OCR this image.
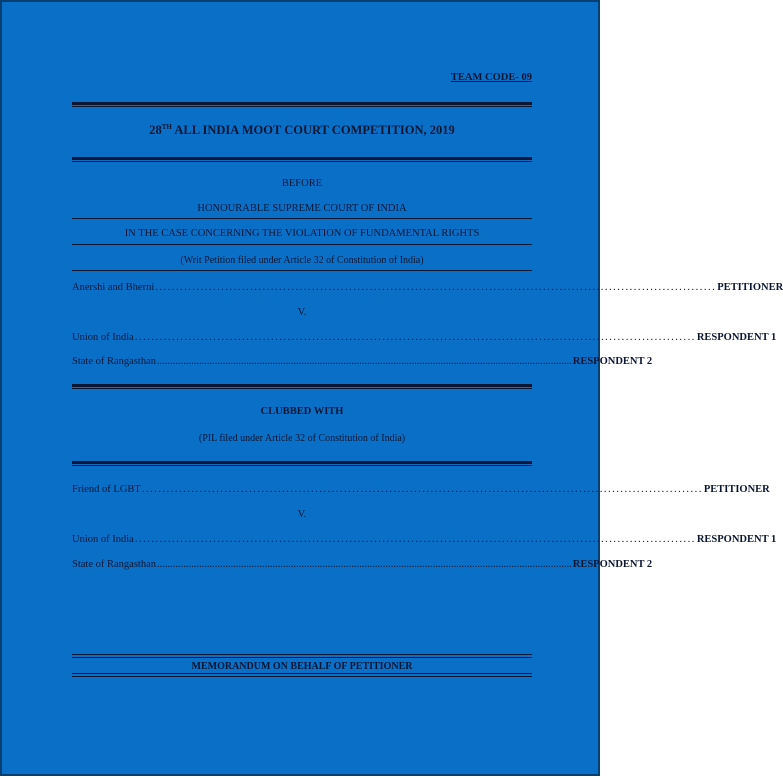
TEAM CODE- 09
28TH ALL INDIA MOOT COURT COMPETITION, 2019
BEFORE
HONOURABLE SUPREME COURT OF INDIA
IN THE CASE CONCERNING THE VIOLATION OF FUNDAMENTAL RIGHTS
(Writ Petition filed under Article 32 of Constitution of India)
Anershi and Bherni ........................................................................................................................................ PETITIONER
V.
Union of India ........................................................................................................................................ RESPONDENT 1
State of Rangasthan .............................................................................................................................................................. RESPONDENT 2
CLUBBED WITH
(PIL filed under Article 32 of Constitution of India)
Friend of LGBT ........................................................................................................................................ PETITIONER
V.
Union of India ........................................................................................................................................ RESPONDENT 1
State of Rangasthan .............................................................................................................................................................. RESPONDENT 2
MEMORANDUM ON BEHALF OF PETITIONER
